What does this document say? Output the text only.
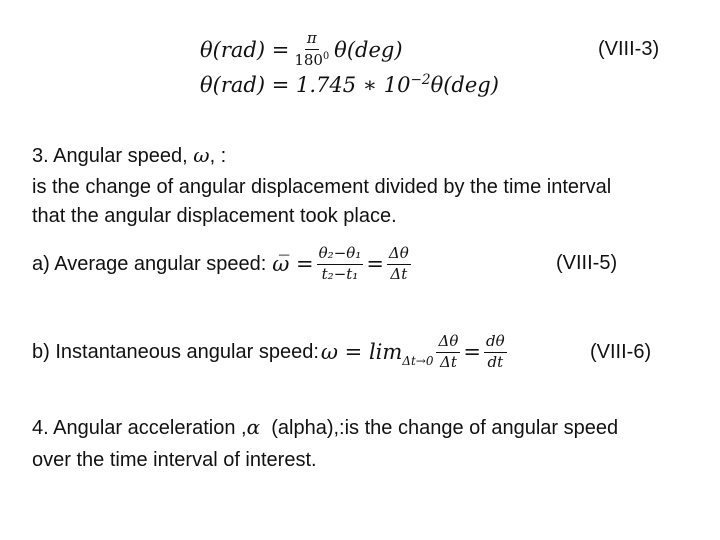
$\theta(rad) = \frac{\pi}{180^0} \theta(deg)$	(VIII-3)
θ(rad) = 1.745 ∗ $10^{-2}\theta(deg)$
3. Angular speed, ω, :
is the change of angular displacement divided by the time interval
that the angular displacement took place.
a) Average angular speed: ω̅ = $\frac{\text{θ₂−θ₁}}{\text{t₂−t₁}} = \frac{\Delta\theta}{\Delta t}$	(VIII-5)
b) Instantaneous angular speed: $\omega = \lim \Delta t\to 0 \frac{\Delta\theta}{\Delta t} = \frac{d\theta}{dt}$	(VIII-6)
4. Angular acceleration ,α  (alpha),:is the change of angular speed
over the time interval of interest.
